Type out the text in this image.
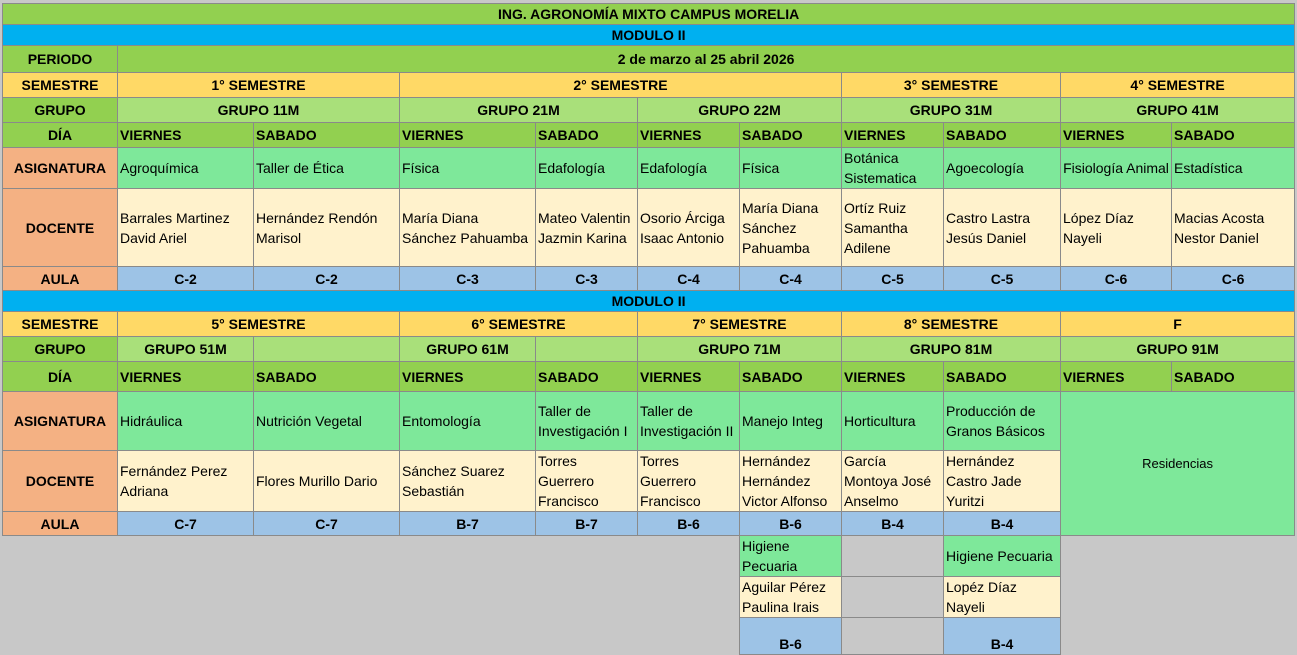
ING. AGRONOMÍA MIXTO CAMPUS MORELIA										
MODULO II										
PERIODO	2 de marzo al 25 abril 2026									
SEMESTRE	1° SEMESTRE		2° SEMESTRE				3° SEMESTRE		4° SEMESTRE	
GRUPO	GRUPO 11M		GRUPO 21M		GRUPO 22M		GRUPO 31M		GRUPO 41M	
DÍA	VIERNES	SABADO	VIERNES	SABADO	VIERNES	SABADO	VIERNES	SABADO	VIERNES	SABADO
ASIGNATURA	Agroquímica	Taller de Ética	Física	Edafología	Edafología	Física	Botánica Sistematica	Agoecología	Fisiología Animal	Estadística
DOCENTE	Barrales Martinez David Ariel	Hernández Rendón Marisol	María Diana Sánchez Pahuamba	Mateo Valentin Jazmin Karina	Osorio Árciga Isaac Antonio	María Diana Sánchez Pahuamba	Ortíz Ruiz Samantha Adilene	Castro Lastra Jesús Daniel	López Díaz Nayeli	Macias Acosta Nestor Daniel
AULA	C-2	C-2	C-3	C-3	C-4	C-4	C-5	C-5	C-6	C-6
MODULO II										
SEMESTRE	5° SEMESTRE		6° SEMESTRE		7° SEMESTRE		8° SEMESTRE		F	
GRUPO	GRUPO 51M		GRUPO 61M		GRUPO 71M		GRUPO 81M		GRUPO 91M	
DÍA	VIERNES	SABADO	VIERNES	SABADO	VIERNES	SABADO	VIERNES	SABADO	VIERNES	SABADO
ASIGNATURA	Hidráulica	Nutrición Vegetal	Entomología	Taller de Investigación I	Taller de Investigación II	Manejo Integ	Horticultura	Producción de Granos Básicos	Residencias	
DOCENTE	Fernández Perez Adriana	Flores Murillo Dario	Sánchez Suarez Sebastián	Torres Guerrero Francisco	Torres Guerrero Francisco	Hernández Hernández Victor Alfonso	García Montoya José Anselmo	Hernández Castro Jade Yuritzi		
AULA	C-7	C-7	B-7	B-7	B-6	B-6	B-4	B-4		
						Higiene Pecuaria		Higiene Pecuaria		
						Aguilar Pérez Paulina Irais		Lopéz Díaz Nayeli		
						B-6		B-4		
